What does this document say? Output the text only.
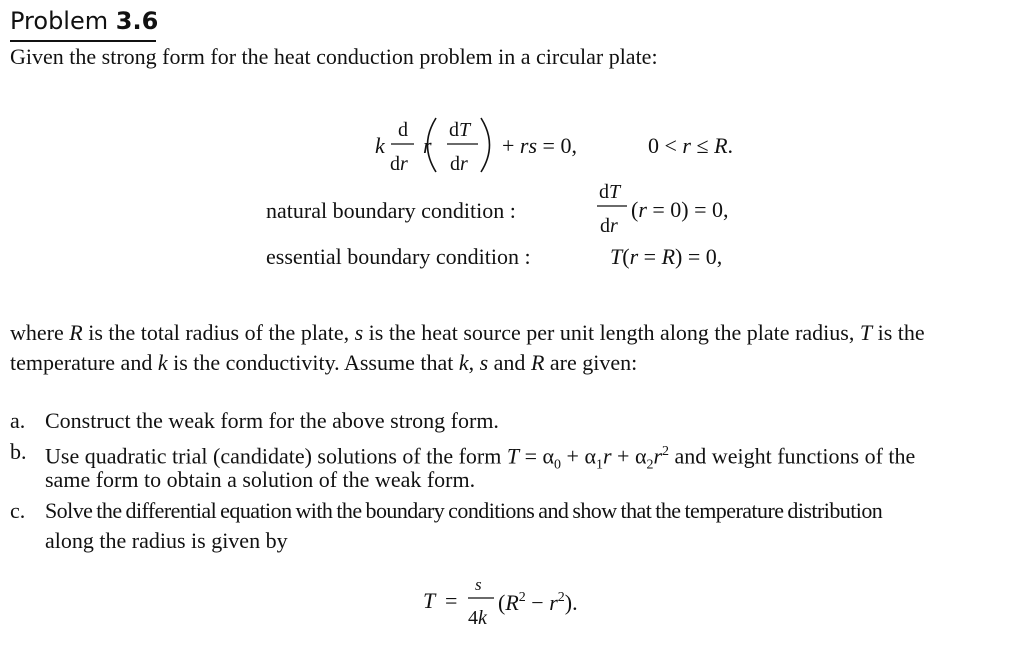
Problem 3.6
Given the strong form for the heat conduction problem in a circular plate:
k
d
dr
r
dT
dr
+ rs = 0,	0 < r ≤ R.
dT
dr
(r = 0) = 0,
T(r = R) = 0,
T =
s
4k
$(R^2 - r^2)$.
natural boundary condition :
essential boundary condition :
where R is the total radius of the plate, s is the heat source per unit length along the plate radius, T is the
temperature and k is the conductivity. Assume that k, s and R are given:
a. Construct the weak form for the above strong form.
b. Use quadratic trial (candidate) solutions of the form $T = \alpha_0 + \alpha_1r + \alpha_2r^2$ and weight functions of the
same form to obtain a solution of the weak form.
c. Solve the differential equation with the boundary conditions and show that the temperature distribution
along the radius is given by
